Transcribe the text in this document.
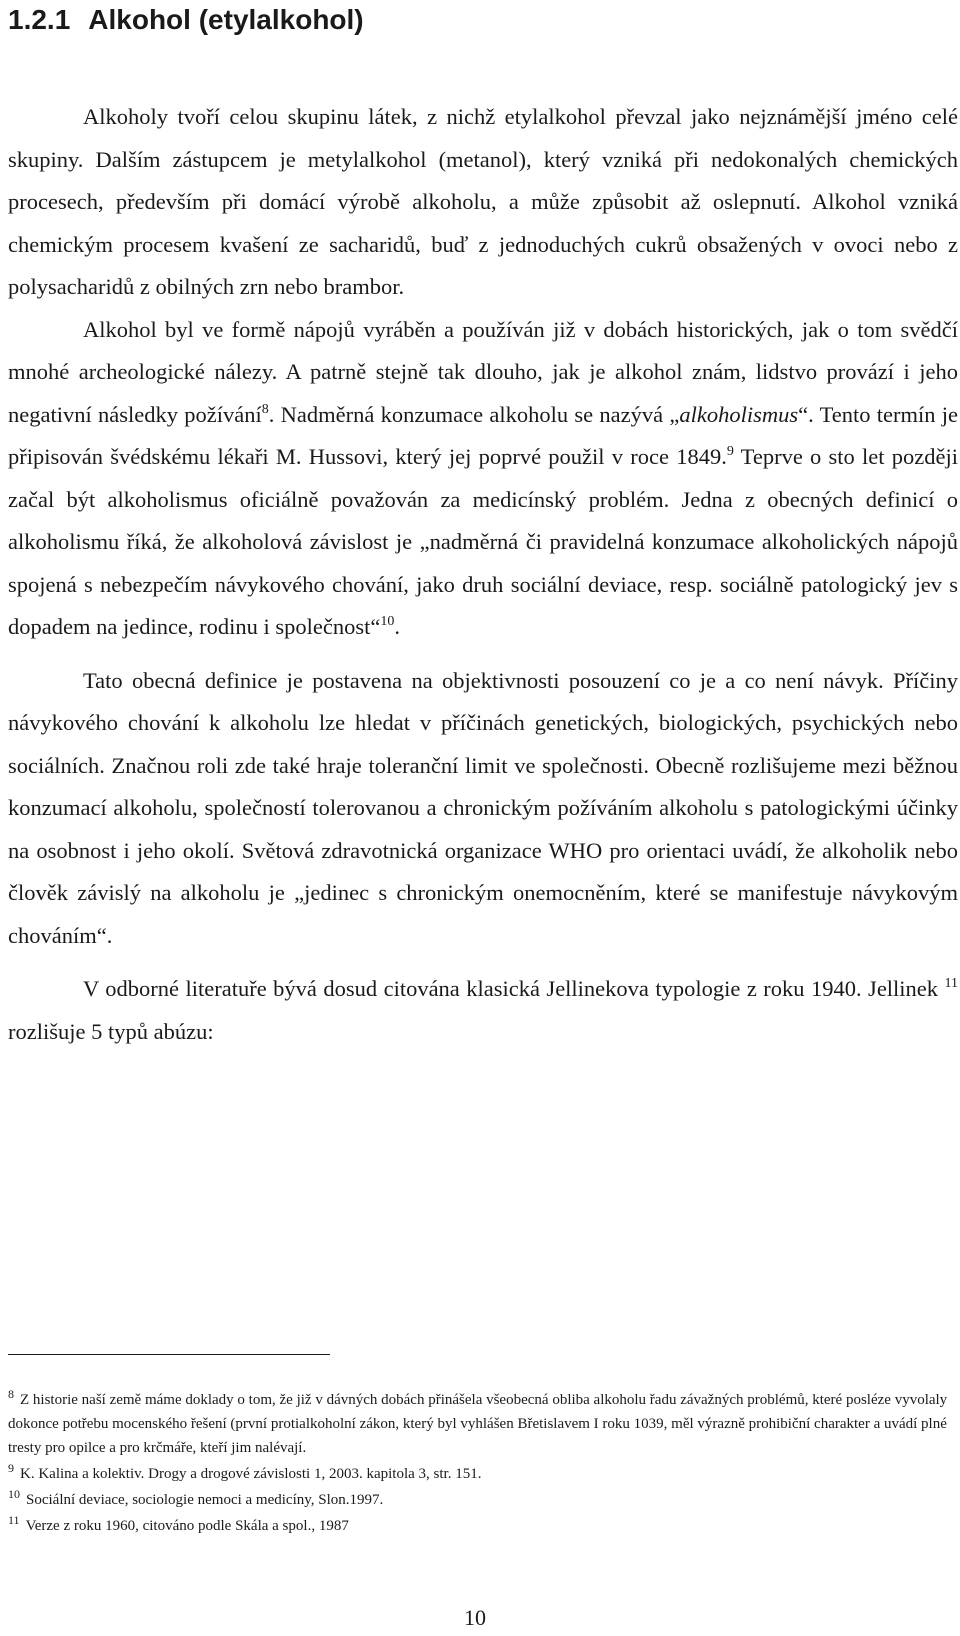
1.2.1 Alkohol (etylalkohol)

Alkoholy tvoří celou skupinu látek, z nichž etylalkohol převzal jako nejznámější jméno celé skupiny. Dalším zástupcem je metylalkohol (metanol), který vzniká při nedokonalých chemických procesech, především při domácí výrobě alkoholu, a může způsobit až oslepnutí. Alkohol vzniká chemickým procesem kvašení ze sacharidů, buď z jednoduchých cukrů obsažených v ovoci nebo z polysacharidů z obilných zrn nebo brambor.

Alkohol byl ve formě nápojů vyráběn a používán již v dobách historických, jak o tom svědčí mnohé archeologické nálezy. A patrně stejně tak dlouho, jak je alkohol znám, lidstvo provází i jeho negativní následky požívání$^8$. Nadměrná konzumace alkoholu se nazývá „alkoholismus“. Tento termín je připisován švédskému lékaři M. Hussovi, který jej poprvé použil v roce 1849.$^9$ Teprve o sto let později začal být alkoholismus oficiálně považován za medicínský problém. Jedna z obecných definicí o alkoholismu říká, že alkoholová závislost je „nadměrná či pravidelná konzumace alkoholických nápojů spojená s nebezpečím návykového chování, jako druh sociální deviace, resp. sociálně patologický jev s dopadem na jedince, rodinu i společnost“$^{10}$.

Tato obecná definice je postavena na objektivnosti posouzení co je a co není návyk. Příčiny návykového chování k alkoholu lze hledat v příčinách genetických, biologických, psychických nebo sociálních. Značnou roli zde také hraje toleranční limit ve společnosti. Obecně rozlišujeme mezi běžnou konzumací alkoholu, společností tolerovanou a chronickým požíváním alkoholu s patologickými účinky na osobnost i jeho okolí. Světová zdravotnická organizace WHO pro orientaci uvádí, že alkoholik nebo člověk závislý na alkoholu je „jedinec s chronickým onemocněním, které se manifestuje návykovým chováním“.

V odborné literatuře bývá dosud citována klasická Jellinekova typologie z roku 1940. Jellinek $^{11}$ rozlišuje 5 typů abúzu:

$^8$ Z historie naší země máme doklady o tom, že již v dávných dobách přinášela všeobecná obliba alkoholu řadu závažných problémů, které posléze vyvolaly dokonce potřebu mocenského řešení (první protialkoholní zákon, který byl vyhlášen Břetislavem I roku 1039, měl výrazně prohibiční charakter a uvádí plné tresty pro opilce a pro krčmáře, kteří jim nalévají.

$^9$ K. Kalina a kolektiv. Drogy a drogové závislosti 1, 2003. kapitola 3, str. 151.

$^{10}$ Sociální deviace, sociologie nemoci a medicíny, Slon.1997.

$^{11}$ Verze z roku 1960, citováno podle Skála a spol., 1987

10
